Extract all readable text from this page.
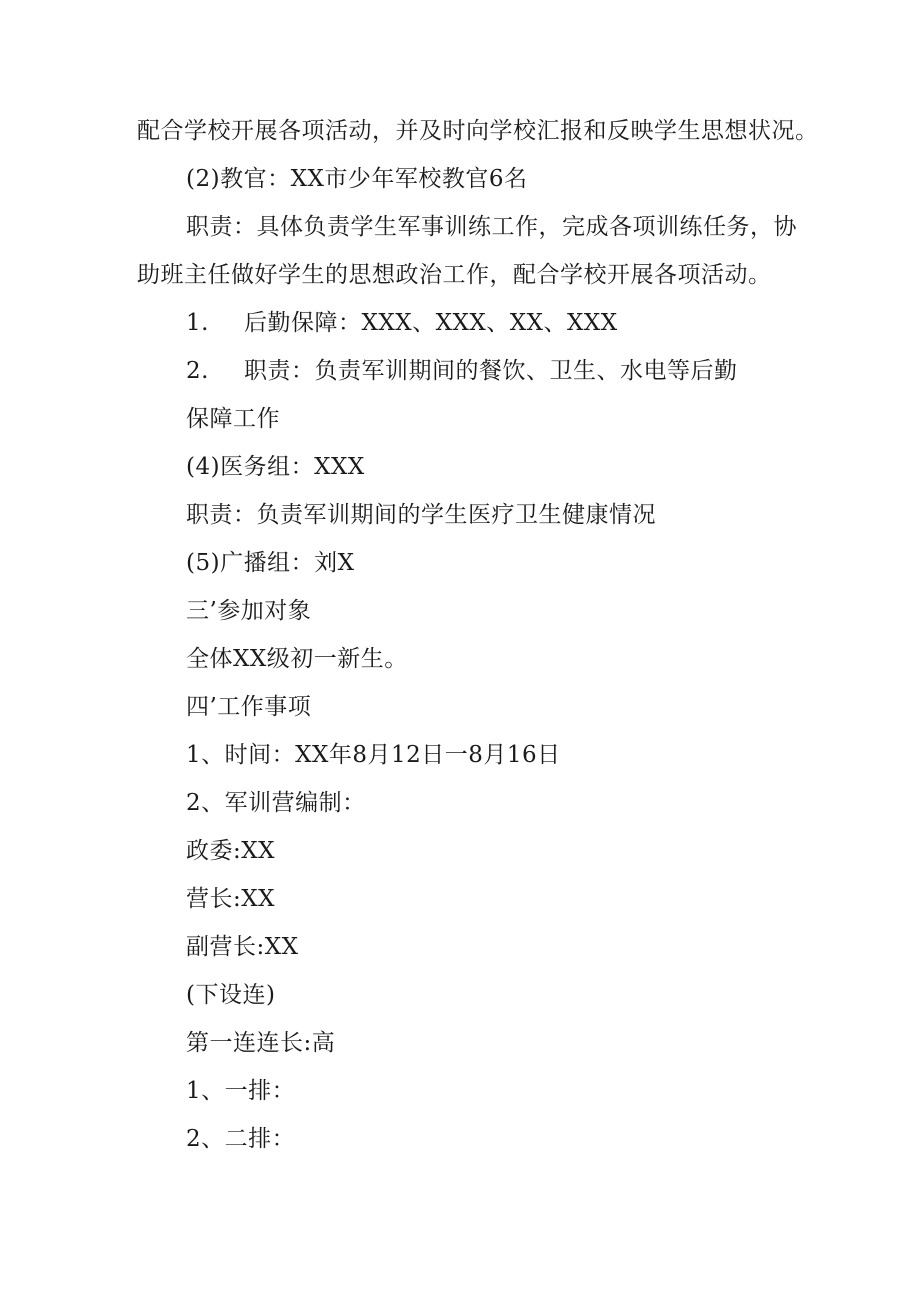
配合学校开展各项活动，并及时向学校汇报和反映学生思想状况。
(2)教官：XX市少年军校教官6名
职责：具体负责学生军事训练工作，完成各项训练任务，协
助班主任做好学生的思想政治工作，配合学校开展各项活动。
1. 后勤保障：XXX、XXX、XX、XXX
2. 职责：负责军训期间的餐饮、卫生、水电等后勤
保障工作
(4)医务组：XXX
职责：负责军训期间的学生医疗卫生健康情况
(5)广播组：刘X
三’参加对象
全体XX级初一新生。
四’工作事项
1、时间：XX年8月12日一8月16日
2、军训营编制：
政委:XX
营长:XX
副营长:XX
(下设连)
第一连连长:高
1、一排：
2、二排：
